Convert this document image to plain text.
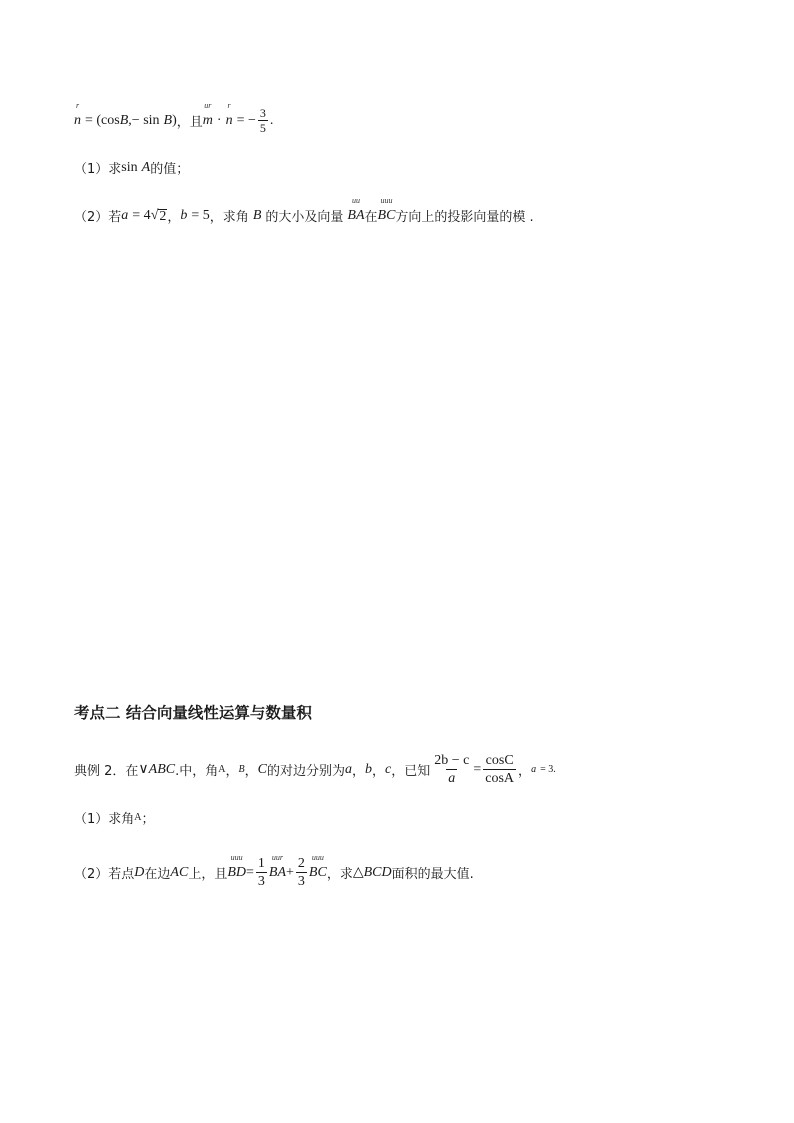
r
n = (cos B ,− sin B ) ，且
ur
m ·
r
n = − $\frac{3}{5}$ .
（1）求 sin A 的值；
（2）若 a = 4 √ 2 ， b = 5 ，求角 B 的大小及向量
uu
BA 在
uuu
BC 方向上的投影向量的模 .
考点二 结合向量线性运算与数量积
典例 2．在 ∨ ABC .中，角 A ， B ， C 的对边分别为 a ， b ， c ，已知 $\frac{2b - c}{a} = \frac{\cos C}{\cos A}$ ， a = 3 .
（1）求角 A ；
（2）若点 D 在边 AC 上，且
uuu
BD = $\frac{1}{3}$ uur
BA + $\frac{2}{3}$ uuu
BC ，求 △ BCD 面积的最大值.
